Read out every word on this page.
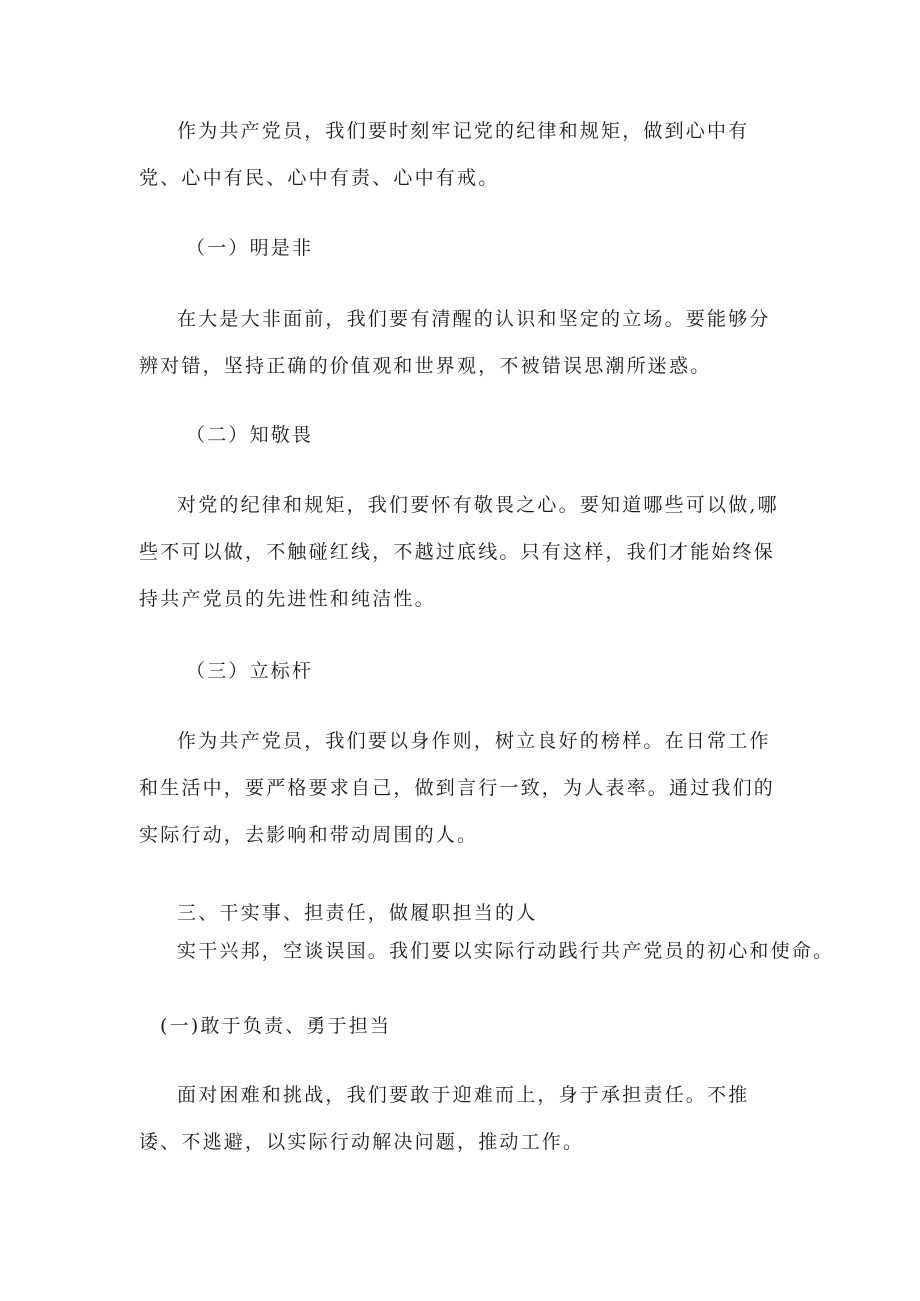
作为共产党员，我们要时刻牢记党的纪律和规矩，做到心中有党、心中有民、心中有责、心中有戒。

（一）明是非

在大是大非面前，我们要有清醒的认识和坚定的立场。要能够分辨对错，坚持正确的价值观和世界观，不被错误思潮所迷惑。

（二）知敬畏

对党的纪律和规矩，我们要怀有敬畏之心。要知道哪些可以做,哪些不可以做，不触碰红线，不越过底线。只有这样，我们才能始终保持共产党员的先进性和纯洁性。

（三）立标杆

作为共产党员，我们要以身作则，树立良好的榜样。在日常工作和生活中，要严格要求自己，做到言行一致，为人表率。通过我们的实际行动，去影响和带动周围的人。

三、干实事、担责任，做履职担当的人

实干兴邦，空谈误国。我们要以实际行动践行共产党员的初心和使命。

(一)敢于负责、勇于担当

面对困难和挑战，我们要敢于迎难而上，身于承担责任。不推诿、不逃避，以实际行动解决问题，推动工作。
